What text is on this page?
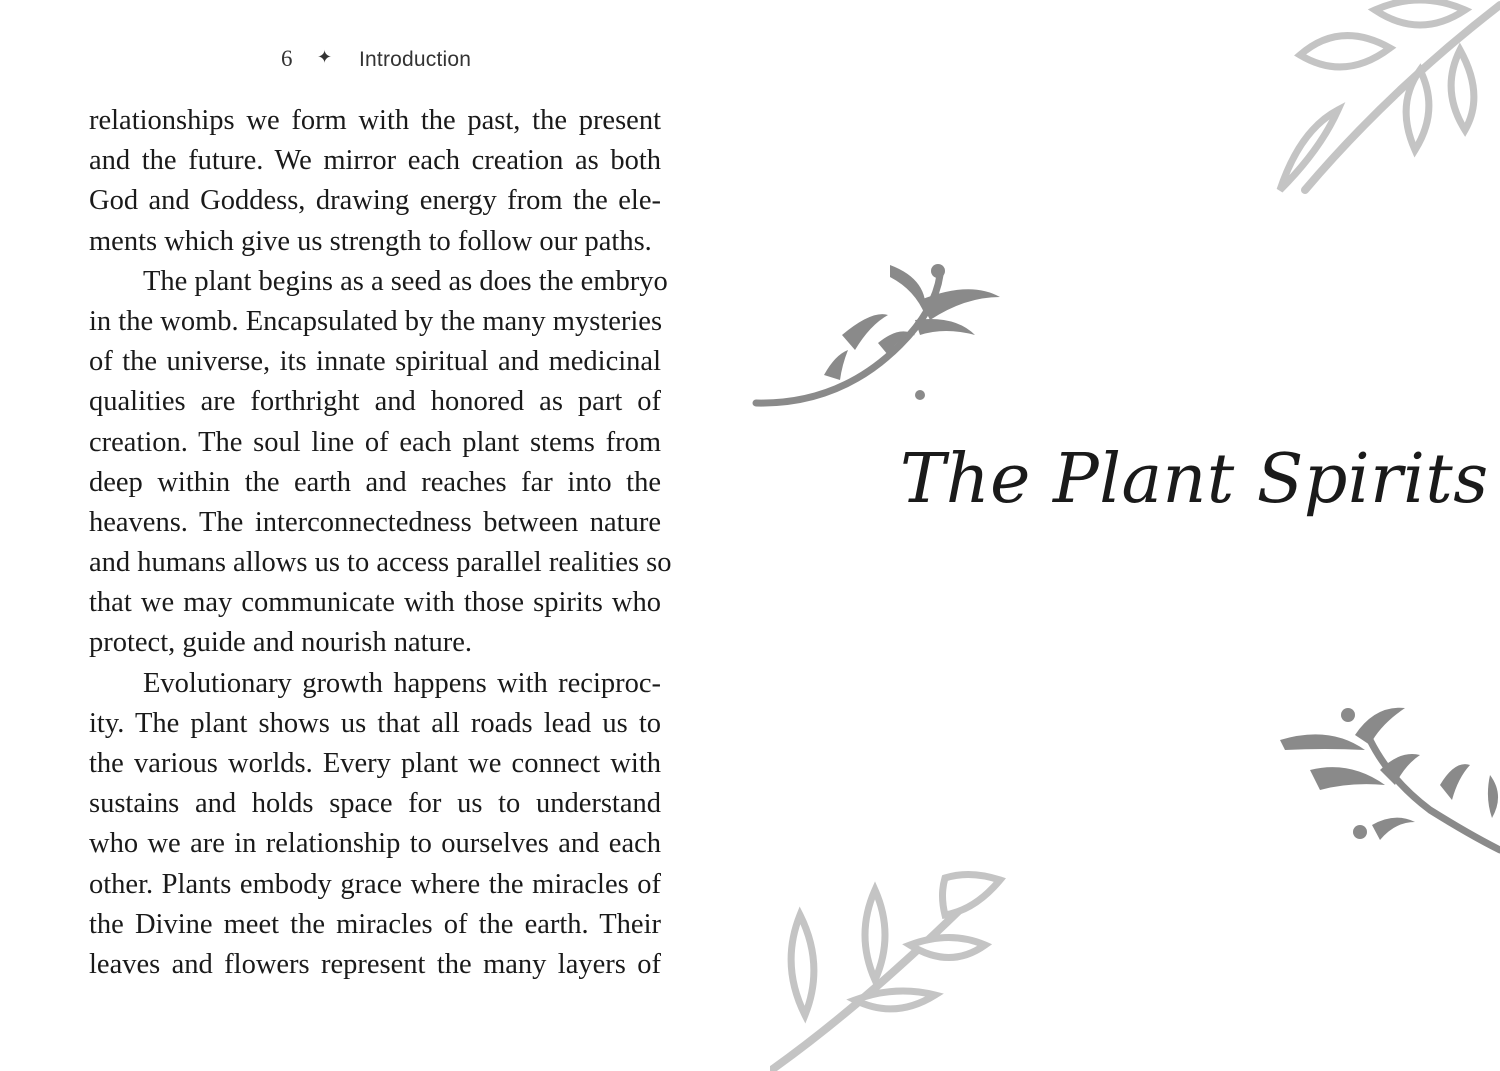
6 ✦ Introduction
relationships we form with the past, the present
and the future. We mirror each creation as both
God and Goddess, drawing energy from the ele-
ments which give us strength to follow our paths.
The plant begins as a seed as does the embryo
in the womb. Encapsulated by the many mysteries
of the universe, its innate spiritual and medicinal
qualities are forthright and honored as part of
creation. The soul line of each plant stems from
deep within the earth and reaches far into the
heavens. The interconnectedness between nature
and humans allows us to access parallel realities so
that we may communicate with those spirits who
protect, guide and nourish nature.
Evolutionary growth happens with reciproc-
ity. The plant shows us that all roads lead us to
the various worlds. Every plant we connect with
sustains and holds space for us to understand
who we are in relationship to ourselves and each
other. Plants embody grace where the miracles of
the Divine meet the miracles of the earth. Their
leaves and flowers represent the many layers of
The Plant Spirits
